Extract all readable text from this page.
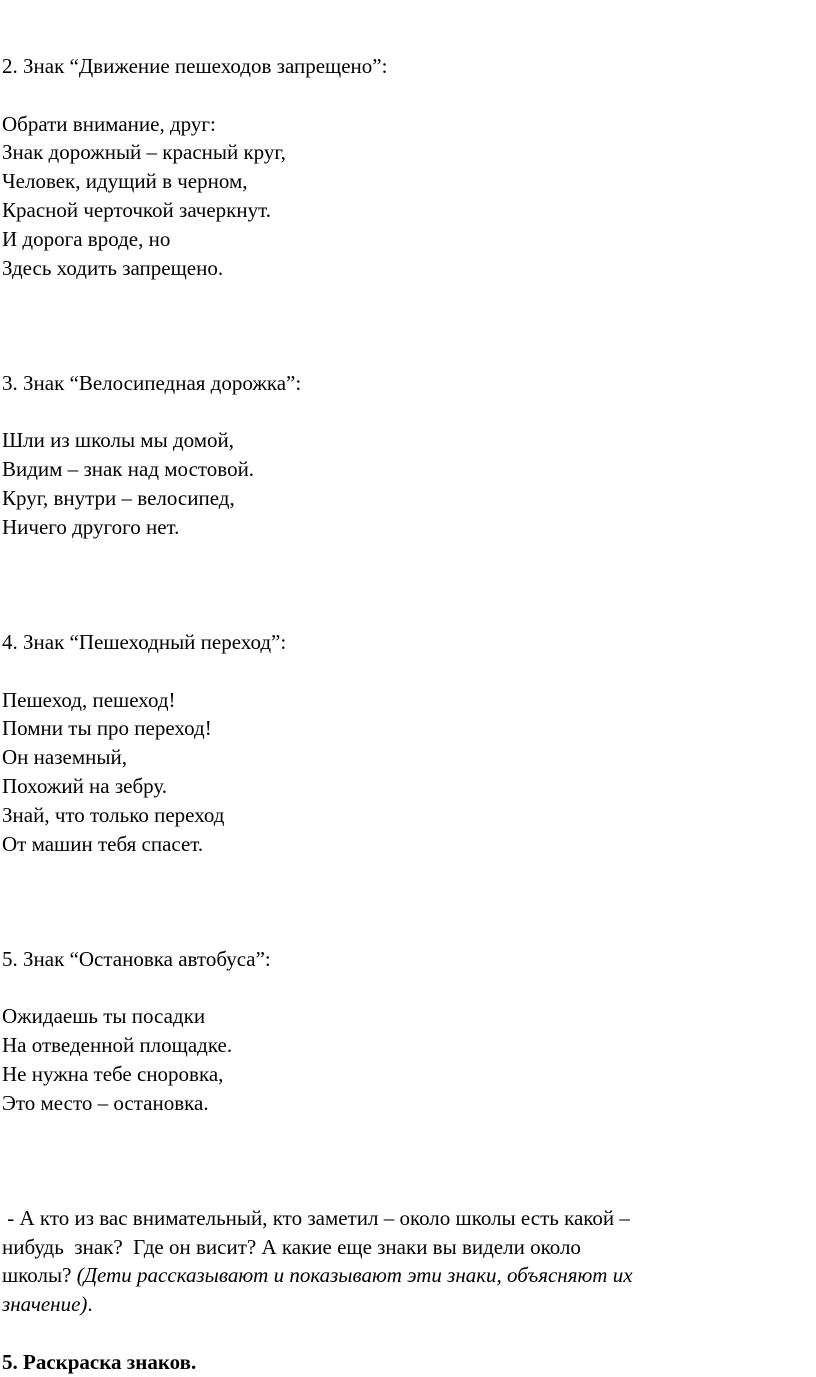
2. Знак “Движение пешеходов запрещено”:

Обрати внимание, друг:
Знак дорожный – красный круг,
Человек, идущий в черном,
Красной черточкой зачеркнут.
И дорога вроде, но
Здесь ходить запрещено.

3. Знак “Велосипедная дорожка”:

Шли из школы мы домой,
Видим – знак над мостовой.
Круг, внутри – велосипед,
Ничего другого нет.

4. Знак “Пешеходный переход”:

Пешеход, пешеход!
Помни ты про переход!
Он наземный,
Похожий на зебру.
Знай, что только переход
От машин тебя спасет.

5. Знак “Остановка автобуса”:

Ожидаешь ты посадки
На отведенной площадке.
Не нужна тебе сноровка,
Это место – остановка.
- А кто из вас внимательный, кто заметил – около школы есть какой –
нибудь  знак?  Где он висит? А какие еще знаки вы видели около
школы? (Дети рассказывают и показывают эти знаки, объясняют их
значение).

5. Раскраска знаков.
